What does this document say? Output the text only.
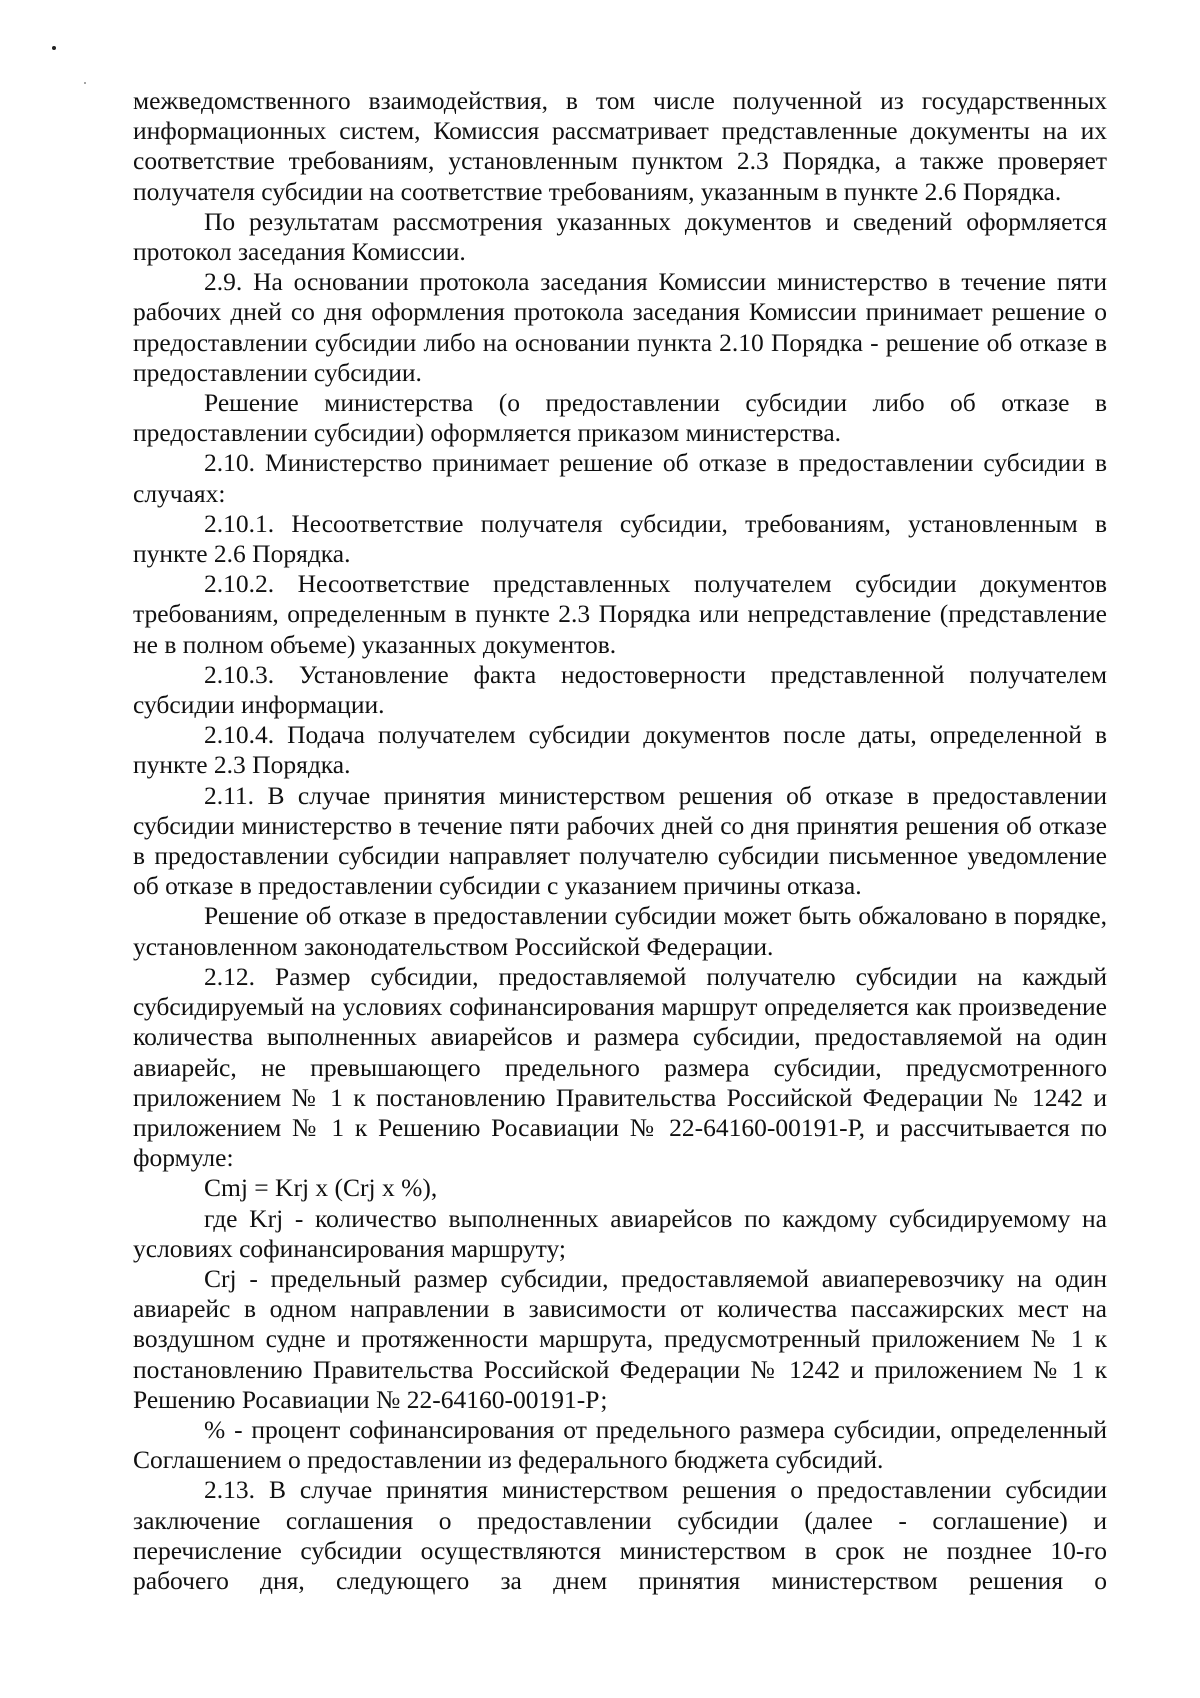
межведомственного взаимодействия, в том числе полученной из государственных информационных систем, Комиссия рассматривает представленные документы на их соответствие требованиям, установленным пунктом 2.3 Порядка, а также проверяет получателя субсидии на соответствие требованиям, указанным в пункте 2.6 Порядка.

По результатам рассмотрения указанных документов и сведений оформляется протокол заседания Комиссии.

2.9. На основании протокола заседания Комиссии министерство в течение пяти рабочих дней со дня оформления протокола заседания Комиссии принимает решение о предоставлении субсидии либо на основании пункта 2.10 Порядка - решение об отказе в предоставлении субсидии.

Решение министерства (о предоставлении субсидии либо об отказе в предоставлении субсидии) оформляется приказом министерства.

2.10. Министерство принимает решение об отказе в предоставлении субсидии в случаях:

2.10.1. Несоответствие получателя субсидии, требованиям, установленным в пункте 2.6 Порядка.

2.10.2. Несоответствие представленных получателем субсидии документов требованиям, определенным в пункте 2.3 Порядка или непредставление (представление не в полном объеме) указанных документов.

2.10.3. Установление факта недостоверности представленной получателем субсидии информации.

2.10.4. Подача получателем субсидии документов после даты, определенной в пункте 2.3 Порядка.

2.11. В случае принятия министерством решения об отказе в предоставлении субсидии министерство в течение пяти рабочих дней со дня принятия решения об отказе в предоставлении субсидии направляет получателю субсидии письменное уведомление об отказе в предоставлении субсидии с указанием причины отказа.

Решение об отказе в предоставлении субсидии может быть обжаловано в порядке, установленном законодательством Российской Федерации.

2.12. Размер субсидии, предоставляемой получателю субсидии на каждый субсидируемый на условиях софинансирования маршрут определяется как произведение количества выполненных авиарейсов и размера субсидии, предоставляемой на один авиарейс, не превышающего предельного размера субсидии, предусмотренного приложением № 1 к постановлению Правительства Российской Федерации № 1242 и приложением № 1 к Решению Росавиации № 22-64160-00191-Р, и рассчитывается по формуле:

Cmj = Krj x (Crj x %),

где Krj - количество выполненных авиарейсов по каждому субсидируемому на условиях софинансирования маршруту;

Crj - предельный размер субсидии, предоставляемой авиаперевозчику на один авиарейс в одном направлении в зависимости от количества пассажирских мест на воздушном судне и протяженности маршрута, предусмотренный приложением № 1 к постановлению Правительства Российской Федерации № 1242 и приложением № 1 к Решению Росавиации № 22-64160-00191-Р;

% - процент софинансирования от предельного размера субсидии, определенный Соглашением о предоставлении из федерального бюджета субсидий.

2.13. В случае принятия министерством решения о предоставлении субсидии заключение соглашения о предоставлении субсидии (далее - соглашение) и перечисление субсидии осуществляются министерством в срок не позднее 10-го рабочего дня, следующего за днем принятия министерством решения о
